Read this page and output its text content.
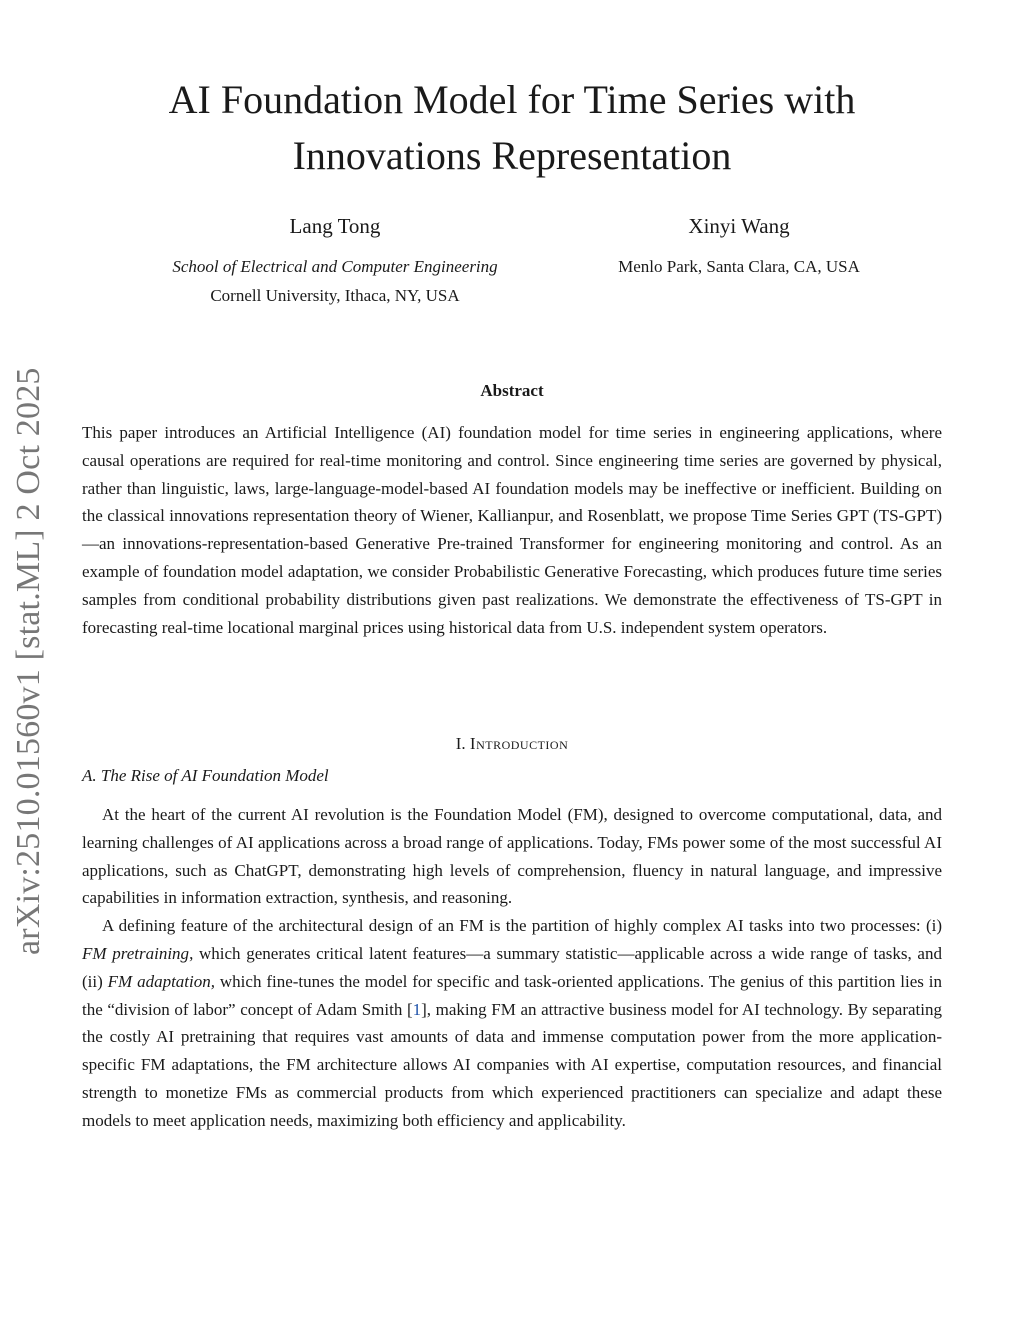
arXiv:2510.01560v1 [stat.ML] 2 Oct 2025
AI Foundation Model for Time Series with
Innovations Representation
Lang Tong
School of Electrical and Computer Engineering
Cornell University, Ithaca, NY, USA
Xinyi Wang
Menlo Park, Santa Clara, CA, USA
Abstract

This paper introduces an Artificial Intelligence (AI) foundation model for time series in engineering applications, where causal operations are required for real-time monitoring and control. Since engineering time series are governed by physical, rather than linguistic, laws, large-language-model-based AI foundation models may be ineffective or inefficient. Building on the classical innovations representation theory of Wiener, Kallianpur, and Rosenblatt, we propose Time Series GPT (TS-GPT)—an innovations-representation-based Generative Pre-trained Transformer for engineering monitoring and control. As an example of foundation model adaptation, we consider Probabilistic Generative Forecasting, which produces future time series samples from conditional probability distributions given past realizations. We demonstrate the effectiveness of TS-GPT in forecasting real-time locational marginal prices using historical data from U.S. independent system operators.

I. Introduction
A. The Rise of AI Foundation Model

At the heart of the current AI revolution is the Foundation Model (FM), designed to overcome computational, data, and learning challenges of AI applications across a broad range of applications. Today, FMs power some of the most successful AI applications, such as ChatGPT, demonstrating high levels of comprehension, fluency in natural language, and impressive capabilities in information extraction, synthesis, and reasoning.

A defining feature of the architectural design of an FM is the partition of highly complex AI tasks into two processes: (i) FM pretraining, which generates critical latent features—a summary statistic—applicable across a wide range of tasks, and (ii) FM adaptation, which fine-tunes the model for specific and task-oriented applications. The genius of this partition lies in the “division of labor” concept of Adam Smith [1], making FM an attractive business model for AI technology. By separating the costly AI pretraining that requires vast amounts of data and immense computation power from the more application-specific FM adaptations, the FM architecture allows AI companies with AI expertise, computation resources, and financial strength to monetize FMs as commercial products from which experienced practitioners can specialize and adapt these models to meet application needs, maximizing both efficiency and applicability.
